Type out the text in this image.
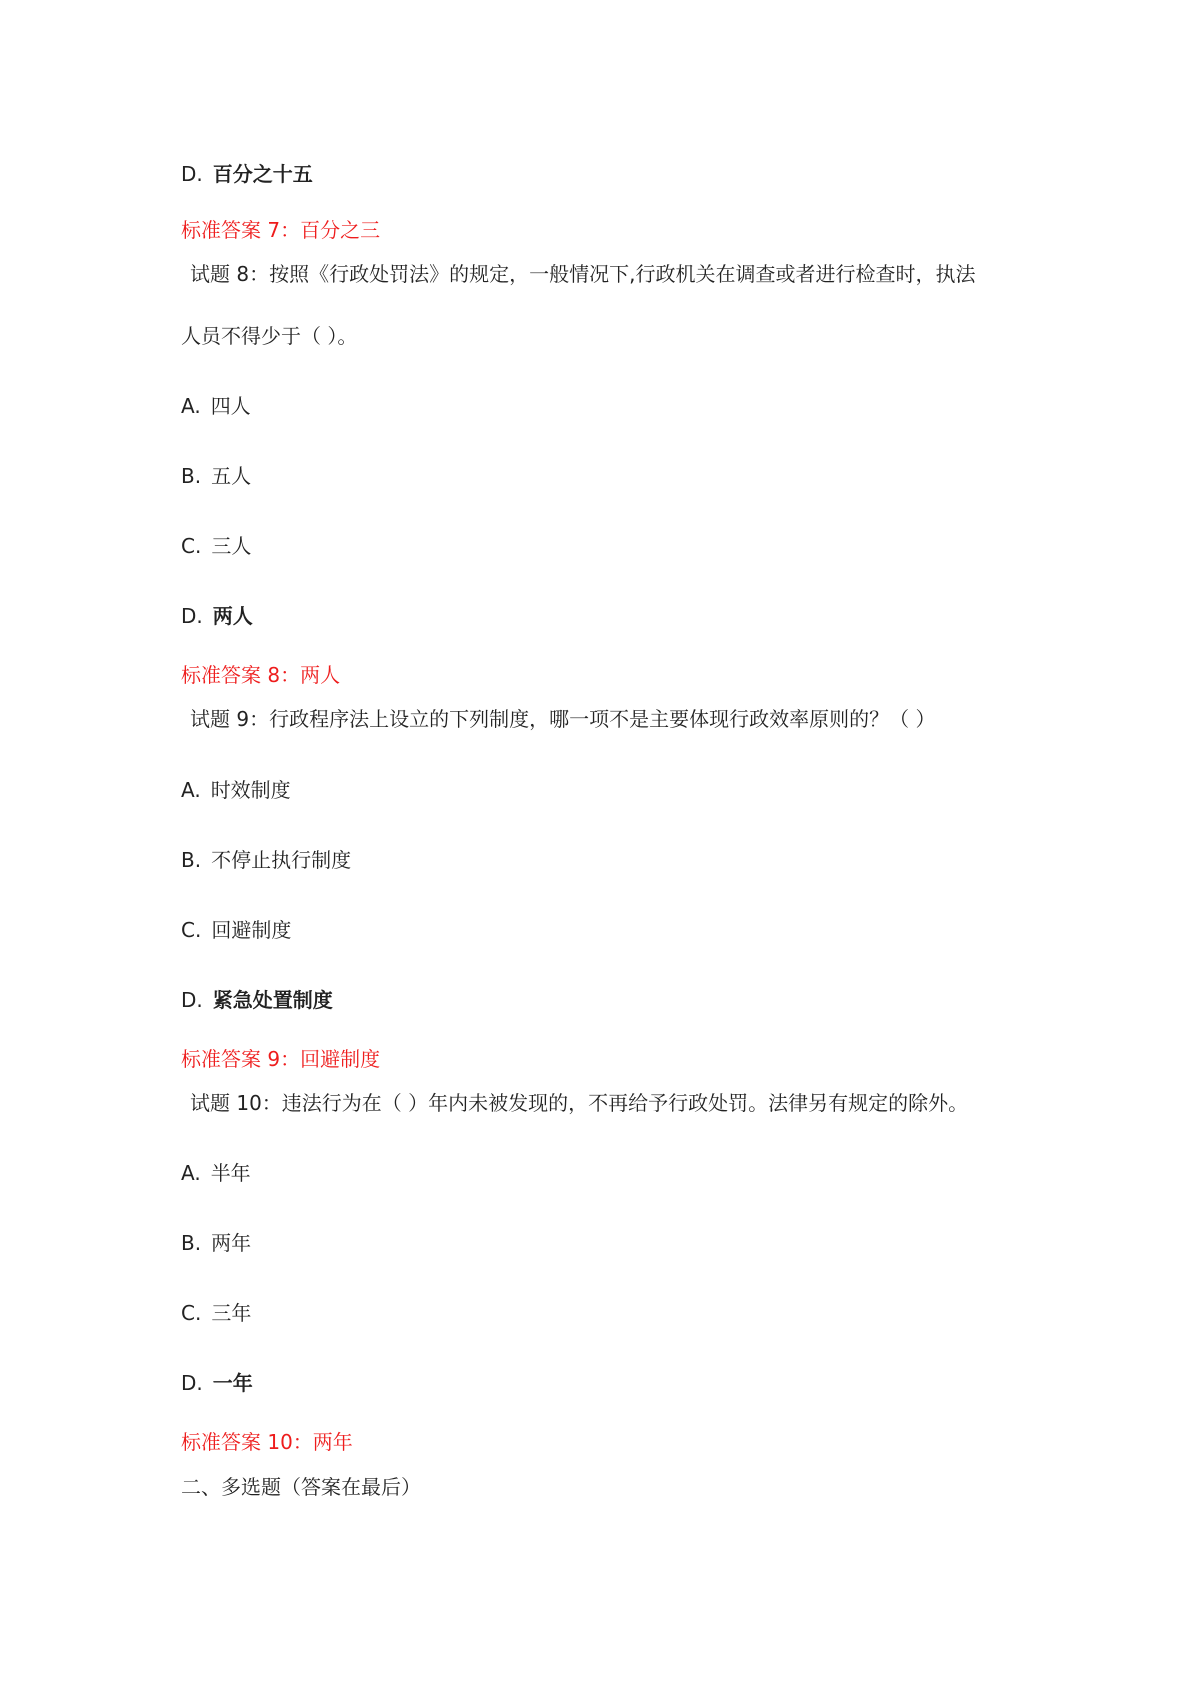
D. 百分之十五
标准答案 7：百分之三
试题 8：按照《行政处罚法》的规定，一般情况下,行政机关在调查或者进行检查时，执法
人员不得少于（ ）。
A. 四人
B. 五人
C. 三人
D. 两人
标准答案 8：两人
试题 9：行政程序法上设立的下列制度，哪一项不是主要体现行政效率原则的？（ ）
A. 时效制度
B. 不停止执行制度
C. 回避制度
D. 紧急处置制度
标准答案 9：回避制度
试题 10：违法行为在（ ）年内未被发现的，不再给予行政处罚。法律另有规定的除外。
A. 半年
B. 两年
C. 三年
D. 一年
标准答案 10：两年
二、多选题（答案在最后）
